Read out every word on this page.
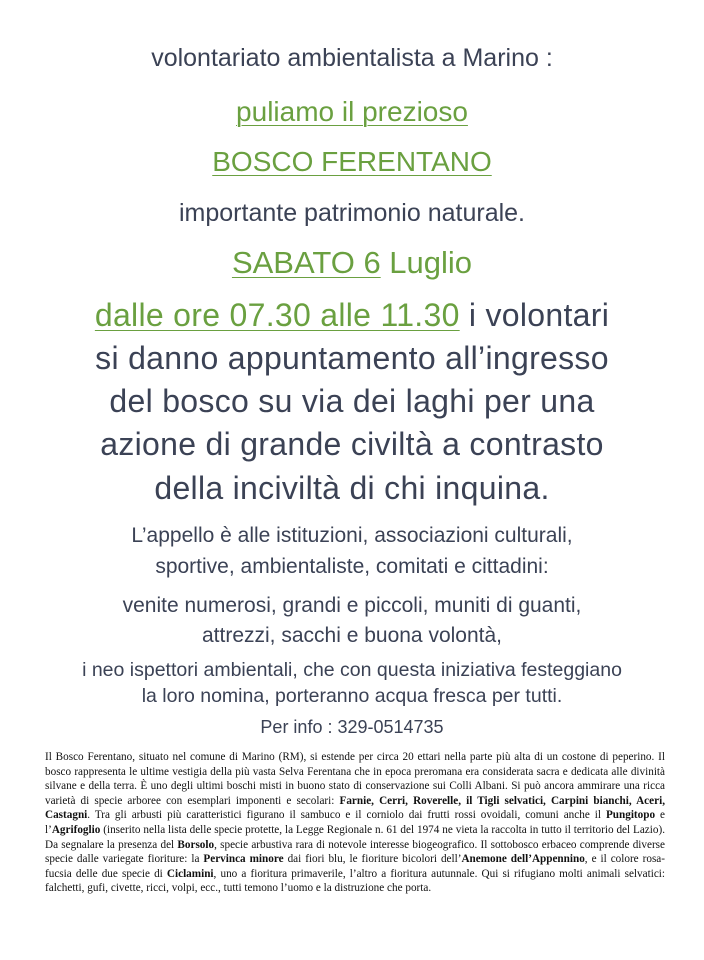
volontariato ambientalista a Marino :
puliamo il prezioso
BOSCO FERENTANO
importante patrimonio naturale.
SABATO 6 Luglio
dalle ore 07.30 alle 11.30 i volontari
si danno appuntamento all’ingresso
del bosco su via dei laghi per una
azione di grande civiltà a contrasto
della inciviltà di chi inquina.
L’appello è alle istituzioni, associazioni culturali,
sportive, ambientaliste, comitati e cittadini:
venite numerosi, grandi e piccoli, muniti di guanti,
attrezzi, sacchi e buona volontà,
i neo ispettori ambientali, che con questa iniziativa festeggiano
la loro nomina, porteranno acqua fresca per tutti.
Per info : 329-0514735
Il Bosco Ferentano, situato nel comune di Marino (RM), si estende per circa 20 ettari nella parte più alta di un costone di peperino. Il bosco rappresenta le ultime vestigia della più vasta Selva Ferentana che in epoca preromana era considerata sacra e dedicata alle divinità silvane e della terra. È uno degli ultimi boschi misti in buono stato di conservazione sui Colli Albani. Si può ancora ammirare una ricca varietà di specie arboree con esemplari imponenti e secolari: Farnie, Cerri, Roverelle, il Tigli selvatici, Carpini bianchi, Aceri, Castagni. Tra gli arbusti più caratteristici figurano il sambuco e il corniolo dai frutti rossi ovoidali, comuni anche il Pungitopo e l’Agrifoglio (inserito nella lista delle specie protette, la Legge Regionale n. 61 del 1974 ne vieta la raccolta in tutto il territorio del Lazio). Da segnalare la presenza del Borsolo, specie arbustiva rara di notevole interesse biogeografico. Il sottobosco erbaceo comprende diverse specie dalle variegate fioriture: la Pervinca minore dai fiori blu, le fioriture bicolori dell’Anemone dell’Appennino, e il colore rosa-fucsia delle due specie di Ciclamini, uno a fioritura primaverile, l’altro a fioritura autunnale. Qui si rifugiano molti animali selvatici: falchetti, gufi, civette, ricci, volpi, ecc., tutti temono l’uomo e la distruzione che porta.
